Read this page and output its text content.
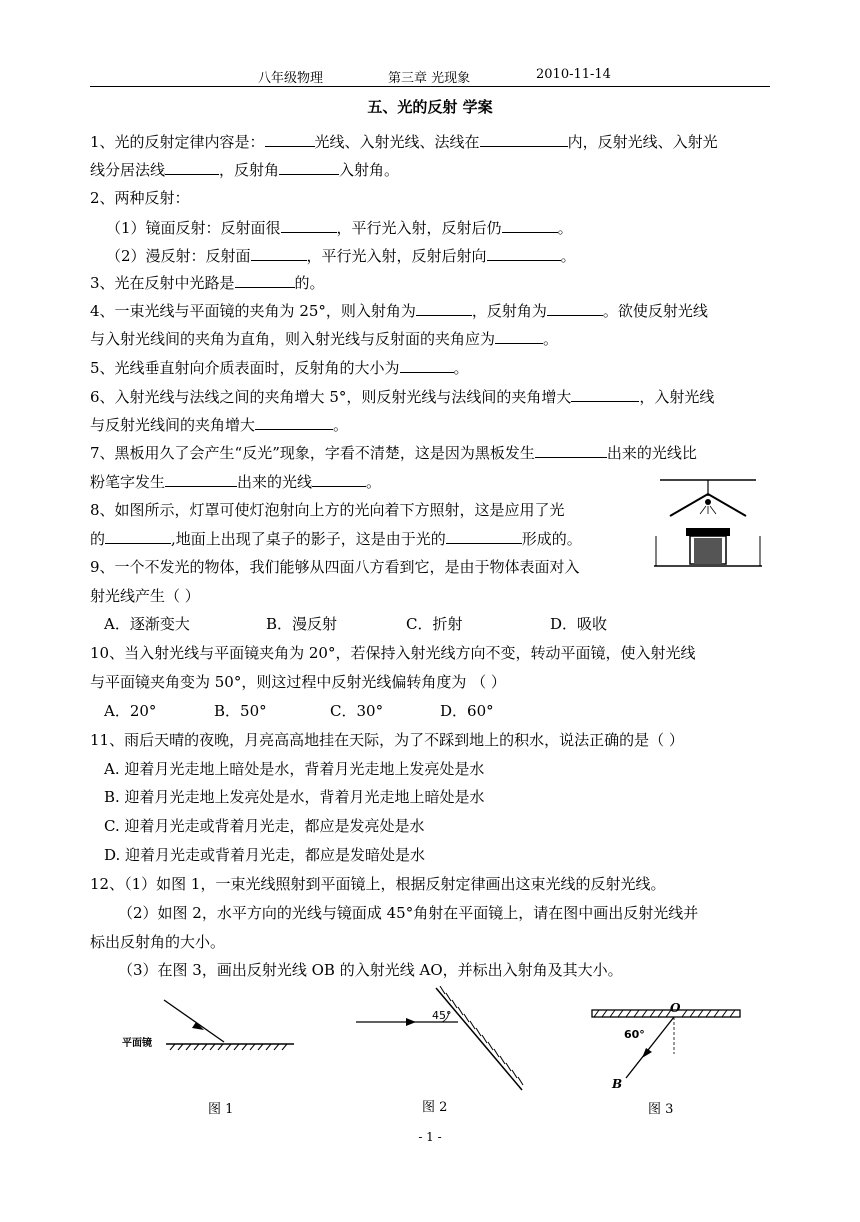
八年级物理	第三章 光现象	2010-11-14
五、光的反射 学案
1、光的反射定律内容是：	光线、入射光线、法线在	内，反射光线、入射光
线分居法线	，反射角	入射角。
2、两种反射：
（1）镜面反射：反射面很	，平行光入射，反射后仍	。
（2）漫反射：反射面	，平行光入射，反射后射向	。
3、光在反射中光路是	的。
4、一束光线与平面镜的夹角为 25°，则入射角为	，反射角为	。欲使反射光线
与入射光线间的夹角为直角，则入射光线与反射面的夹角应为	。
5、光线垂直射向介质表面时，反射角的大小为	。
6、入射光线与法线之间的夹角增大 5°，则反射光线与法线间的夹角增大	，入射光线
与反射光线间的夹角增大	。
7、黑板用久了会产生“反光”现象，字看不清楚，这是因为黑板发生	出来的光线比
粉笔字发生	出来的光线	。
8、如图所示，灯罩可使灯泡射向上方的光向着下方照射，这是应用了光
的	,地面上出现了桌子的影子，这是由于光的	形成的。
9、一个不发光的物体，我们能够从四面八方看到它，是由于物体表面对入
射光线产生（ ）
A．逐渐变大	B．漫反射	C．折射	D．吸收
10、当入射光线与平面镜夹角为 20°，若保持入射光线方向不变，转动平面镜，使入射光线
与平面镜夹角变为 50°，则这过程中反射光线偏转角度为 （ ）
A．20°	B．50°	C．30°	D．60°
11、雨后天晴的夜晚，月亮高高地挂在天际，为了不踩到地上的积水，说法正确的是（ ）
A. 迎着月光走地上暗处是水，背着月光走地上发亮处是水
B. 迎着月光走地上发亮处是水，背着月光走地上暗处是水
C. 迎着月光走或背着月光走，都应是发亮处是水
D. 迎着月光走或背着月光走，都应是发暗处是水
12、（1）如图 1，一束光线照射到平面镜上，根据反射定律画出这束光线的反射光线。
（2）如图 2，水平方向的光线与镜面成 45°角射在平面镜上，请在图中画出反射光线并
标出反射角的大小。
（3）在图 3，画出反射光线 OB 的入射光线 AO，并标出入射角及其大小。
平面镜
45°
O
60°
B
图 1	图 2	图 3
- 1 -
